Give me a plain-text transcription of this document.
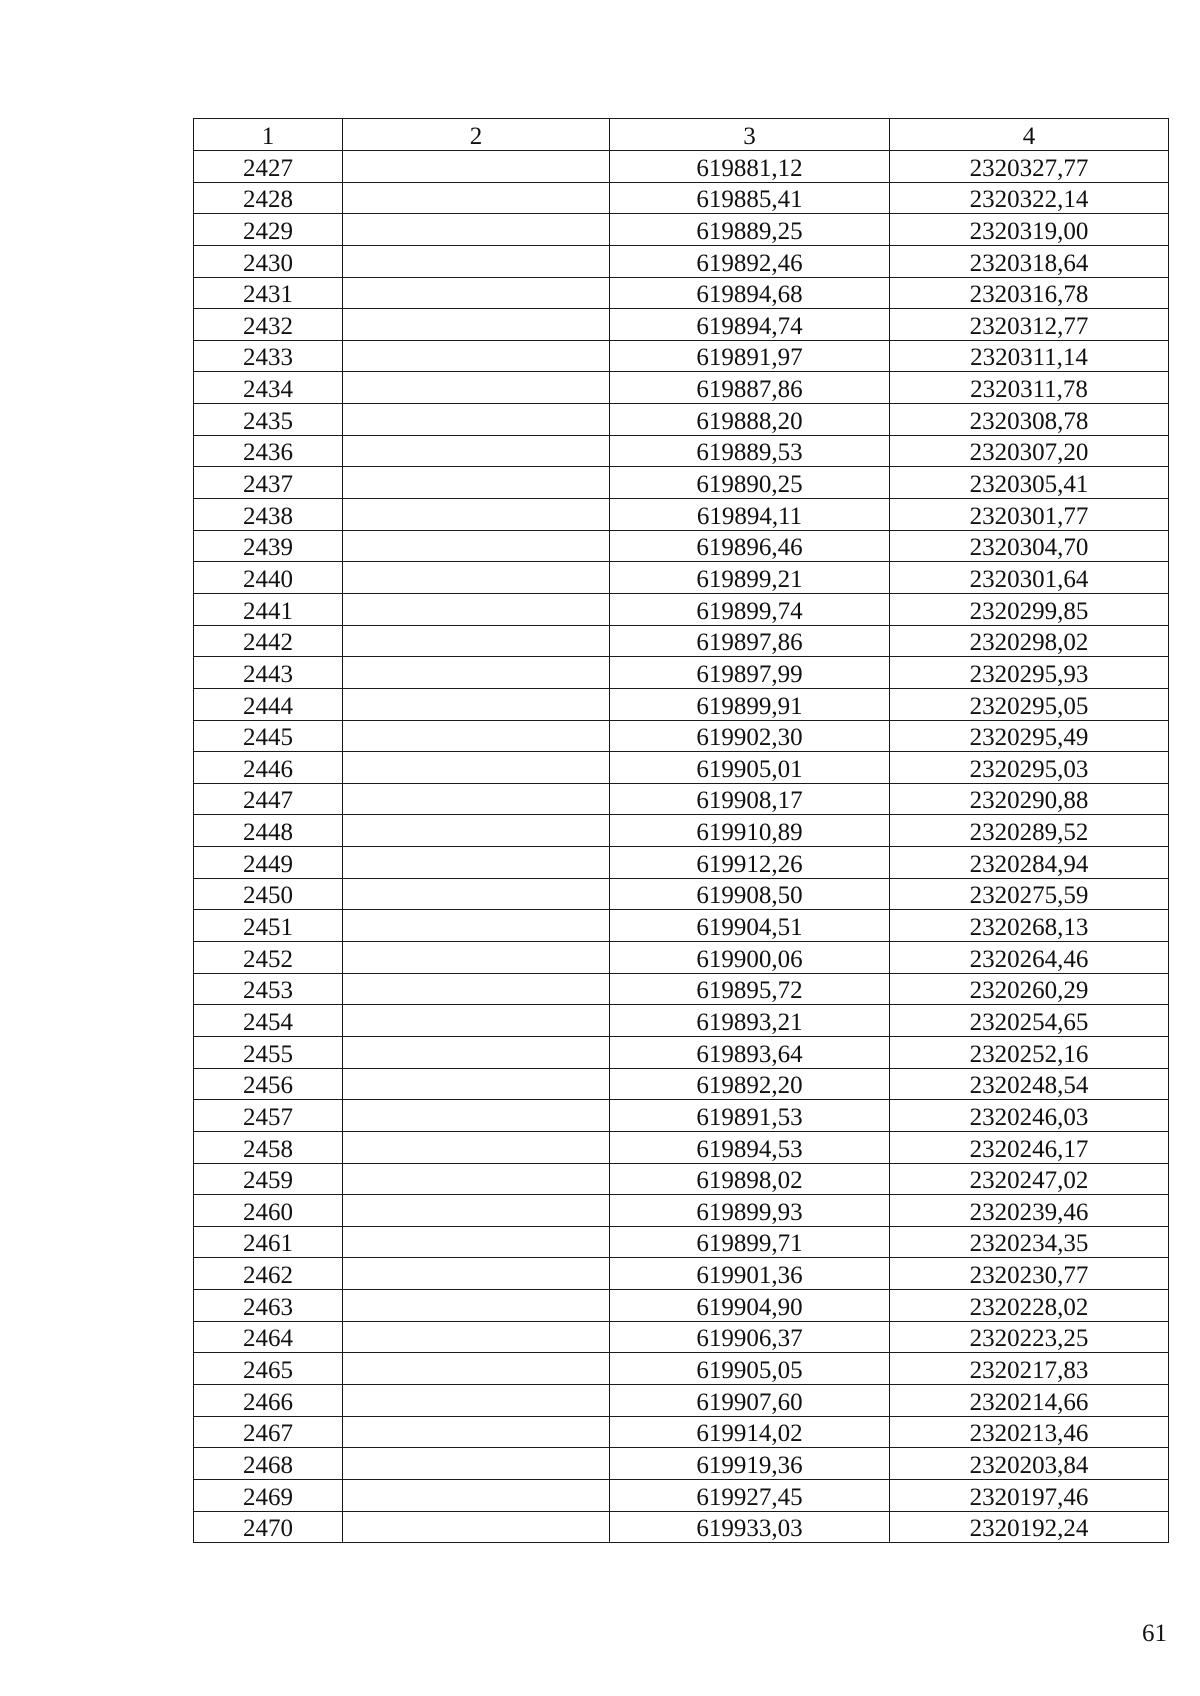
1	2	3	4
2427		619881,12	2320327,77
2428		619885,41	2320322,14
2429		619889,25	2320319,00
2430		619892,46	2320318,64
2431		619894,68	2320316,78
2432		619894,74	2320312,77
2433		619891,97	2320311,14
2434		619887,86	2320311,78
2435		619888,20	2320308,78
2436		619889,53	2320307,20
2437		619890,25	2320305,41
2438		619894,11	2320301,77
2439		619896,46	2320304,70
2440		619899,21	2320301,64
2441		619899,74	2320299,85
2442		619897,86	2320298,02
2443		619897,99	2320295,93
2444		619899,91	2320295,05
2445		619902,30	2320295,49
2446		619905,01	2320295,03
2447		619908,17	2320290,88
2448		619910,89	2320289,52
2449		619912,26	2320284,94
2450		619908,50	2320275,59
2451		619904,51	2320268,13
2452		619900,06	2320264,46
2453		619895,72	2320260,29
2454		619893,21	2320254,65
2455		619893,64	2320252,16
2456		619892,20	2320248,54
2457		619891,53	2320246,03
2458		619894,53	2320246,17
2459		619898,02	2320247,02
2460		619899,93	2320239,46
2461		619899,71	2320234,35
2462		619901,36	2320230,77
2463		619904,90	2320228,02
2464		619906,37	2320223,25
2465		619905,05	2320217,83
2466		619907,60	2320214,66
2467		619914,02	2320213,46
2468		619919,36	2320203,84
2469		619927,45	2320197,46
2470		619933,03	2320192,24
61
